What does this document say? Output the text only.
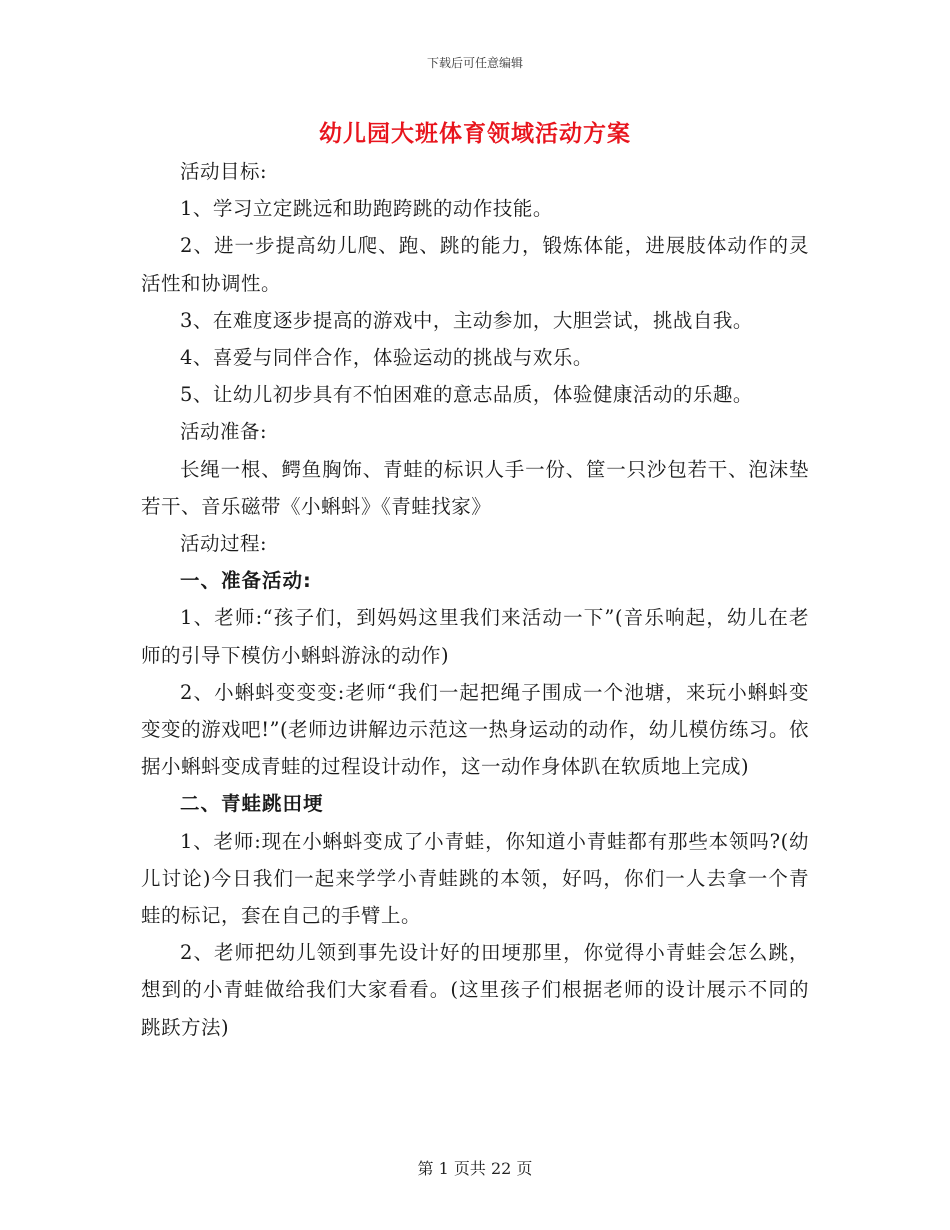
下载后可任意编辑
幼儿园大班体育领域活动方案

活动目标:

1、学习立定跳远和助跑跨跳的动作技能。

2、进一步提高幼儿爬、跑、跳的能力，锻炼体能，进展肢体动作的灵活性和协调性。

3、在难度逐步提高的游戏中，主动参加，大胆尝试，挑战自我。

4、喜爱与同伴合作，体验运动的挑战与欢乐。

5、让幼儿初步具有不怕困难的意志品质，体验健康活动的乐趣。

活动准备:

长绳一根、鳄鱼胸饰、青蛙的标识人手一份、筐一只沙包若干、泡沫垫若干、音乐磁带《小蝌蚪》《青蛙找家》

活动过程:

一、准备活动:

1、老师:“孩子们，到妈妈这里我们来活动一下”(音乐响起，幼儿在老师的引导下模仿小蝌蚪游泳的动作)

2、小蝌蚪变变变:老师“我们一起把绳子围成一个池塘，来玩小蝌蚪变变变的游戏吧!”(老师边讲解边示范这一热身运动的动作，幼儿模仿练习。依据小蝌蚪变成青蛙的过程设计动作，这一动作身体趴在软质地上完成)

二、青蛙跳田埂

1、老师:现在小蝌蚪变成了小青蛙，你知道小青蛙都有那些本领吗?(幼儿讨论)今日我们一起来学学小青蛙跳的本领，好吗，你们一人去拿一个青蛙的标记，套在自己的手臂上。

2、老师把幼儿领到事先设计好的田埂那里，你觉得小青蛙会怎么跳，想到的小青蛙做给我们大家看看。(这里孩子们根据老师的设计展示不同的跳跃方法)

第 1 页共 22 页
